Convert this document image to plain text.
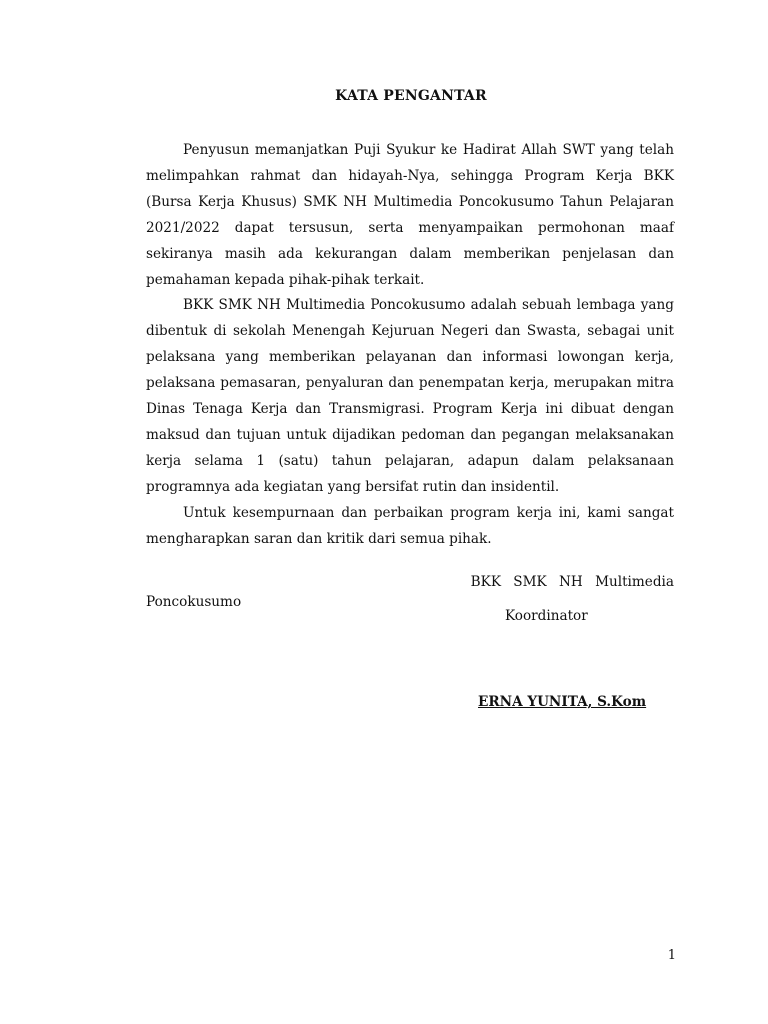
KATA PENGANTAR

Penyusun memanjatkan Puji Syukur ke Hadirat Allah SWT yang telah melimpahkan rahmat dan hidayah-Nya, sehingga Program Kerja BKK (Bursa Kerja Khusus) SMK NH Multimedia Poncokusumo Tahun Pelajaran 2021/2022 dapat tersusun, serta menyampaikan permohonan maaf sekiranya masih ada kekurangan dalam memberikan penjelasan dan pemahaman kepada pihak-pihak terkait.

BKK SMK NH Multimedia Poncokusumo adalah sebuah lembaga yang dibentuk di sekolah Menengah Kejuruan Negeri dan Swasta, sebagai unit pelaksana yang memberikan pelayanan dan informasi lowongan kerja, pelaksana pemasaran, penyaluran dan penempatan kerja, merupakan mitra Dinas Tenaga Kerja dan Transmigrasi. Program Kerja ini dibuat dengan maksud dan tujuan untuk dijadikan pedoman dan pegangan melaksanakan kerja selama 1 (satu) tahun pelajaran, adapun dalam pelaksanaan programnya ada kegiatan yang bersifat rutin dan insidentil.

Untuk kesempurnaan dan perbaikan program kerja ini, kami sangat mengharapkan saran dan kritik dari semua pihak.

BKK SMK NH Multimedia
Poncokusumo
Koordinator
ERNA YUNITA, S.Kom
1
